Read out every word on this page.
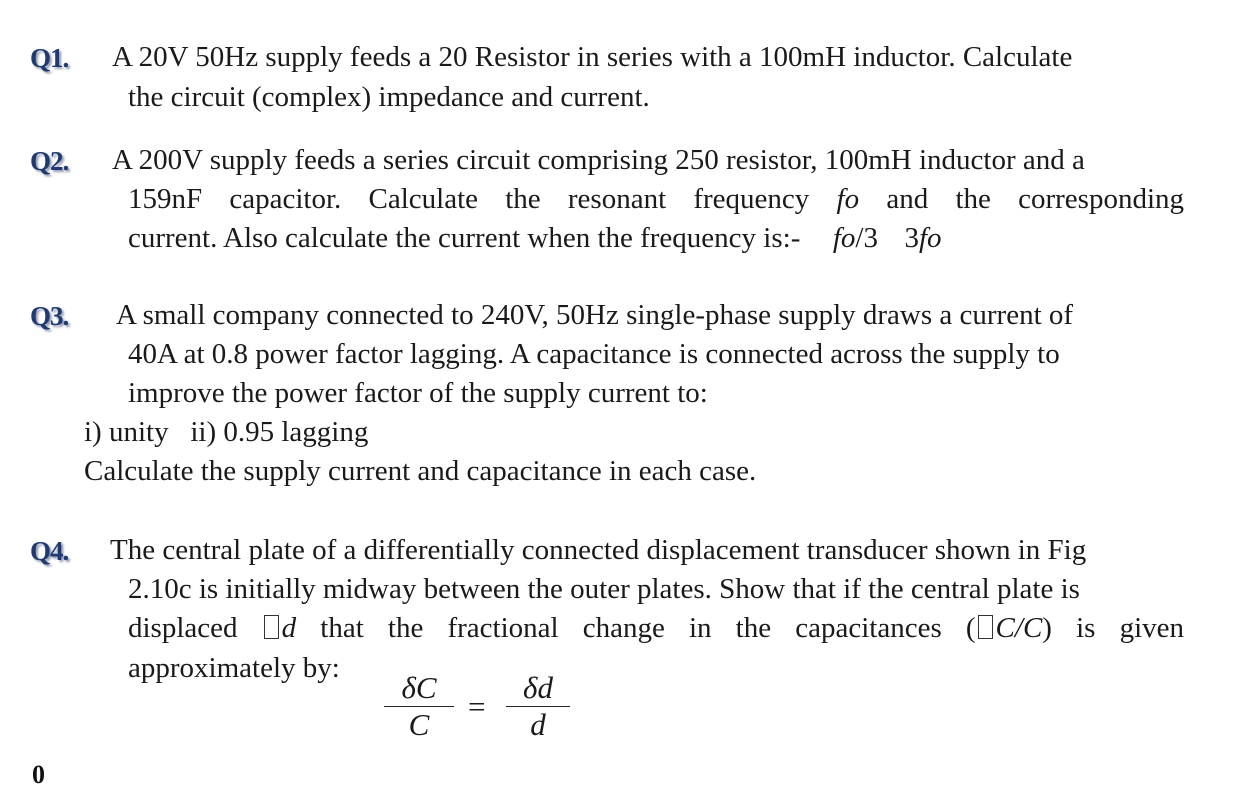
Q1. A 20V 50Hz supply feeds a 20 Resistor in series with a 100mH inductor. Calculate
the circuit (complex) impedance and current.
Q2. A 200V supply feeds a series circuit comprising 250 resistor, 100mH inductor and a
159nF capacitor. Calculate the resonant frequency fo and the corresponding
current. Also calculate the current when the frequency is:- fo/3 3fo
Q3. A small company connected to 240V, 50Hz single-phase supply draws a current of
40A at 0.8 power factor lagging. A capacitance is connected across the supply to
improve the power factor of the supply current to:
i) unity   ii) 0.95 lagging
Calculate the supply current and capacitance in each case.
Q4. The central plate of a differentially connected displacement transducer shown in Fig
2.10c is initially midway between the outer plates. Show that if the central plate is
displaced d that the fractional change in the capacitances ( C/C) is given
approximately by:
δC
C
=
δd
d
0
